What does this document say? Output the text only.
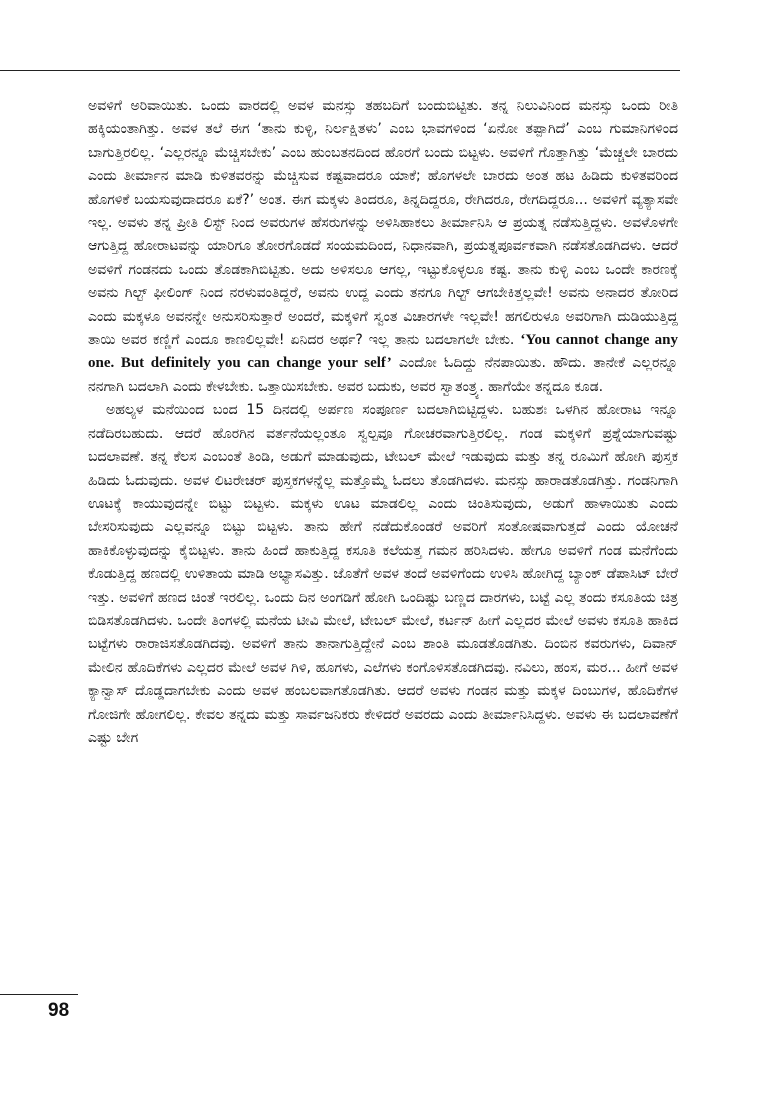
ಅವಳಿಗೆ ಅರಿವಾಯಿತು. ಒಂದು ವಾರದಲ್ಲಿ ಅವಳ ಮನಸ್ಸು ತಹಬದಿಗೆ ಬಂದುಬಿಟ್ಟಿತು. ತನ್ನ ನಿಲುವಿನಿಂದ ಮನಸ್ಸು ಒಂದು ರೀತಿ ಹಕ್ಕಿಯಂತಾಗಿತ್ತು. ಅವಳ ತಲೆ ಈಗ ‘ತಾನು ಕುಳ್ಳಿ, ನಿರ್ಲಕ್ಷಿತಳು’ ಎಂಬ ಭಾವಗಳಿಂದ ‘ಏನೋ ತಪ್ಪಾಗಿದೆ’ ಎಂಬ ಗುಮಾನಿಗಳಿಂದ ಬಾಗುತ್ತಿರಲಿಲ್ಲ. ‘ಎಲ್ಲರನ್ನೂ ಮೆಚ್ಚಿಸಬೇಕು’ ಎಂಬ ಹುಂಬತನದಿಂದ ಹೊರಗೆ ಬಂದು ಬಿಟ್ಟಳು. ಅವಳಿಗೆ ಗೊತ್ತಾಗಿತ್ತು ‘ಮೆಚ್ಚಲೇ ಬಾರದು ಎಂದು ತೀರ್ಮಾನ ಮಾಡಿ ಕುಳಿತವರನ್ನು ಮೆಚ್ಚಿಸುವ ಕಷ್ಟವಾದರೂ ಯಾಕೆ; ಹೊಗಳಲೇ ಬಾರದು ಅಂತ ಹಟ ಹಿಡಿದು ಕುಳಿತವರಿಂದ ಹೊಗಳಿಕೆ ಬಯಸುವುದಾದರೂ ಏಕೆ?’ ಅಂತ. ಈಗ ಮಕ್ಕಳು ತಿಂದರೂ, ತಿನ್ನದಿದ್ದರೂ, ರೇಗಿದರೂ, ರೇಗದಿದ್ದರೂ... ಅವಳಿಗೆ ವ್ಯತ್ಯಾಸವೇ ಇಲ್ಲ. ಅವಳು ತನ್ನ ಪ್ರೀತಿ ಲಿಸ್ಟ್ ನಿಂದ ಅವರುಗಳ ಹೆಸರುಗಳನ್ನು ಅಳಿಸಿಹಾಕಲು ತೀರ್ಮಾನಿಸಿ ಆ ಪ್ರಯತ್ನ ನಡೆಸುತ್ತಿದ್ದಳು. ಅವಳೊಳಗೇ ಆಗುತ್ತಿದ್ದ ಹೋರಾಟವನ್ನು ಯಾರಿಗೂ ತೋರಗೊಡದೆ ಸಂಯಮದಿಂದ, ನಿಧಾನವಾಗಿ, ಪ್ರಯತ್ನಪೂರ್ವಕವಾಗಿ ನಡೆಸತೊಡಗಿದಳು. ಆದರೆ ಅವಳಿಗೆ ಗಂಡನದು ಒಂದು ತೊಡಕಾಗಿಬಿಟ್ಟಿತು. ಅದು ಅಳಿಸಲೂ ಆಗಲ್ಲ, ಇಟ್ಟುಕೊಳ್ಳಲೂ ಕಷ್ಟ. ತಾನು ಕುಳ್ಳಿ ಎಂಬ ಒಂದೇ ಕಾರಣಕ್ಕೆ ಅವನು ಗಿಲ್ಟ್ ಫೀಲಿಂಗ್ ನಿಂದ ನರಳುವಂತಿದ್ದರೆ, ಅವನು ಉದ್ದ ಎಂದು ತನಗೂ ಗಿಲ್ಟ್ ಆಗಬೇಕಿತ್ತಲ್ಲವೇ! ಅವನು ಅನಾದರ ತೋರಿದ ಎಂದು ಮಕ್ಕಳೂ ಅವನನ್ನೇ ಅನುಸರಿಸುತ್ತಾರೆ ಅಂದರೆ, ಮಕ್ಕಳಿಗೆ ಸ್ವಂತ ವಿಚಾರಗಳೇ ಇಲ್ಲವೇ! ಹಗಲಿರುಳೂ ಅವರಿಗಾಗಿ ದುಡಿಯುತ್ತಿದ್ದ ತಾಯಿ ಅವರ ಕಣ್ಣಿಗೆ ಎಂದೂ ಕಾಣಲಿಲ್ಲವೇ! ಏನಿದರ ಅರ್ಥ? ಇಲ್ಲ ತಾನು ಬದಲಾಗಲೇ ಬೇಕು. ‘You cannot change any one. But definitely you can change your self’ ಎಂದೋ ಓದಿದ್ದು ನೆನಪಾಯಿತು. ಹೌದು. ತಾನೇಕೆ ಎಲ್ಲರನ್ನೂ ನನಗಾಗಿ ಬದಲಾಗಿ ಎಂದು ಕೇಳಬೇಕು. ಒತ್ತಾಯಿಸಬೇಕು. ಅವರ ಬದುಕು, ಅವರ ಸ್ವಾತಂತ್ರ್ಯ. ಹಾಗೆಯೇ ತನ್ನದೂ ಕೂಡ.

ಅಹಲ್ಯಳ ಮನೆಯಿಂದ ಬಂದ 15 ದಿನದಲ್ಲಿ ಅರ್ಪಣ ಸಂಪೂರ್ಣ ಬದಲಾಗಿಬಿಟ್ಟಿದ್ದಳು. ಬಹುಶಃ ಒಳಗಿನ ಹೋರಾಟ ಇನ್ನೂ ನಡೆದಿರಬಹುದು. ಆದರೆ ಹೊರಗಿನ ವರ್ತನೆಯಲ್ಲಂತೂ ಸ್ವಲ್ಪವೂ ಗೋಚರವಾಗುತ್ತಿರಲಿಲ್ಲ. ಗಂಡ ಮಕ್ಕಳಿಗೆ ಪ್ರಶ್ನೆಯಾಗುವಷ್ಟು ಬದಲಾವಣೆ. ತನ್ನ ಕೆಲಸ ಎಂಬಂತೆ ತಿಂಡಿ, ಅಡುಗೆ ಮಾಡುವುದು, ಟೇಬಲ್ ಮೇಲೆ ಇಡುವುದು ಮತ್ತು ತನ್ನ ರೂಮಿಗೆ ಹೋಗಿ ಪುಸ್ತಕ ಹಿಡಿದು ಓದುವುದು. ಅವಳ ಲಿಟರೇಚರ್ ಪುಸ್ತಕಗಳನ್ನೆಲ್ಲ ಮತ್ತೊಮ್ಮೆ ಓದಲು ತೊಡಗಿದಳು. ಮನಸ್ಸು ಹಾರಾಡತೊಡಗಿತ್ತು. ಗಂಡನಿಗಾಗಿ ಊಟಕ್ಕೆ ಕಾಯುವುದನ್ನೇ ಬಿಟ್ಟು ಬಿಟ್ಟಳು. ಮಕ್ಕಳು ಊಟ ಮಾಡಲಿಲ್ಲ ಎಂದು ಚಿಂತಿಸುವುದು, ಅಡುಗೆ ಹಾಳಾಯಿತು ಎಂದು ಬೇಸರಿಸುವುದು ಎಲ್ಲವನ್ನೂ ಬಿಟ್ಟು ಬಿಟ್ಟಳು. ತಾನು ಹೇಗೆ ನಡೆದುಕೊಂಡರೆ ಅವರಿಗೆ ಸಂತೋಷವಾಗುತ್ತದೆ ಎಂದು ಯೋಚನೆ ಹಾಕಿಕೊಳ್ಳುವುದನ್ನು ಕೈಬಿಟ್ಟಳು. ತಾನು ಹಿಂದೆ ಹಾಕುತ್ತಿದ್ದ ಕಸೂತಿ ಕಲೆಯತ್ತ ಗಮನ ಹರಿಸಿದಳು. ಹೇಗೂ ಅವಳಿಗೆ ಗಂಡ ಮನೆಗೆಂದು ಕೊಡುತ್ತಿದ್ದ ಹಣದಲ್ಲಿ ಉಳಿತಾಯ ಮಾಡಿ ಅಭ್ಯಾಸವಿತ್ತು. ಜೊತೆಗೆ ಅವಳ ತಂದೆ ಅವಳಿಗೆಂದು ಉಳಿಸಿ ಹೋಗಿದ್ದ ಬ್ಯಾಂಕ್ ಡೆಪಾಸಿಟ್ ಬೇರೆ ಇತ್ತು. ಅವಳಿಗೆ ಹಣದ ಚಿಂತೆ ಇರಲಿಲ್ಲ. ಒಂದು ದಿನ ಅಂಗಡಿಗೆ ಹೋಗಿ ಒಂದಿಷ್ಟು ಬಣ್ಣದ ದಾರಗಳು, ಬಟ್ಟೆ ಎಲ್ಲ ತಂದು ಕಸೂತಿಯ ಚಿತ್ರ ಬಿಡಿಸತೊಡಗಿದಳು. ಒಂದೇ ತಿಂಗಳಲ್ಲಿ ಮನೆಯ ಟೀವಿ ಮೇಲೆ, ಟೇಬಲ್ ಮೇಲೆ, ಕರ್ಟನ್ ಹೀಗೆ ಎಲ್ಲದರ ಮೇಲೆ ಅವಳು ಕಸೂತಿ ಹಾಕಿದ ಬಟ್ಟೆಗಳು ರಾರಾಜಿಸತೊಡಗಿದವು. ಅವಳಿಗೆ ತಾನು ತಾನಾಗುತ್ತಿದ್ದೇನೆ ಎಂಬ ಶಾಂತಿ ಮೂಡತೊಡಗಿತು. ದಿಂಬಿನ ಕವರುಗಳು, ದಿವಾನ್ ಮೇಲಿನ ಹೊದಿಕೆಗಳು ಎಲ್ಲದರ ಮೇಲೆ ಅವಳ ಗಿಳಿ, ಹೂಗಳು, ಎಲೆಗಳು ಕಂಗೊಳಿಸತೊಡಗಿದವು. ನವಿಲು, ಹಂಸ, ಮರ... ಹೀಗೆ ಅವಳ ಕ್ಯಾನ್ವಾಸ್ ದೊಡ್ಡದಾಗಬೇಕು ಎಂದು ಅವಳ ಹಂಬಲವಾಗತೊಡಗಿತು. ಆದರೆ ಅವಳು ಗಂಡನ ಮತ್ತು ಮಕ್ಕಳ ದಿಂಬುಗಳ, ಹೊದಿಕೆಗಳ ಗೋಜಿಗೇ ಹೋಗಲಿಲ್ಲ. ಕೇವಲ ತನ್ನದು ಮತ್ತು ಸಾರ್ವಜನಿಕರು ಕೇಳಿದರೆ ಅವರದು ಎಂದು ತೀರ್ಮಾನಿಸಿದ್ದಳು. ಅವಳು ಈ ಬದಲಾವಣೆಗೆ ಎಷ್ಟು ಬೇಗ

98
